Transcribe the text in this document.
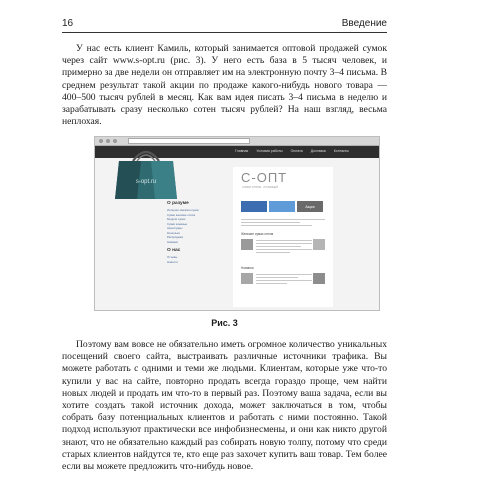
16	Введение

У нас есть клиент Камиль, который занимается оптовой продажей сумок через сайт www.s-opt.ru (рис. 3). У него есть база в 5 тысяч человек, и примерно за две недели он отправляет им на электронную почту 3–4 письма. В среднем результат такой акции по продаже какого-нибудь нового товара — 400–500 тысяч рублей в месяц. Как вам идея писать 3–4 письма в неделю и зарабатывать сразу несколько сотен тысяч рублей? На наш взгляд, весьма неплохая.

Главная Условия работы Оплата Доставка Контакты
s-opt.ru
О разуме
Интернет-магазин сумок
Сумки женские оптом
Модели сумок
Сумки кожаные
Аксессуары
Кошельки
Распродажа
Новинки
О нас
Отзывы
Новости
С-ОПТ
СУМКИ ОПТОМ · РОЗНИЦЕЙ
Акции
Женские сумки оптом
Новинки
Рис. 3

Поэтому вам вовсе не обязательно иметь огромное количество уникальных посещений своего сайта, выстраивать различные источники трафика. Вы можете работать с одними и теми же людьми. Клиентам, которые уже что-то купили у вас на сайте, повторно продать всегда гораздо проще, чем найти новых людей и продать им что-то в первый раз. Поэтому ваша задача, если вы хотите создать такой источник дохода, может заключаться в том, чтобы собрать базу потенциальных клиентов и работать с ними постоянно. Такой подход используют практически все инфобизнесмены, и они как никто другой знают, что не обязательно каждый раз собирать новую толпу, потому что среди старых клиентов найдутся те, кто еще раз захочет купить ваш товар. Тем более если вы можете предложить что-нибудь новое.
